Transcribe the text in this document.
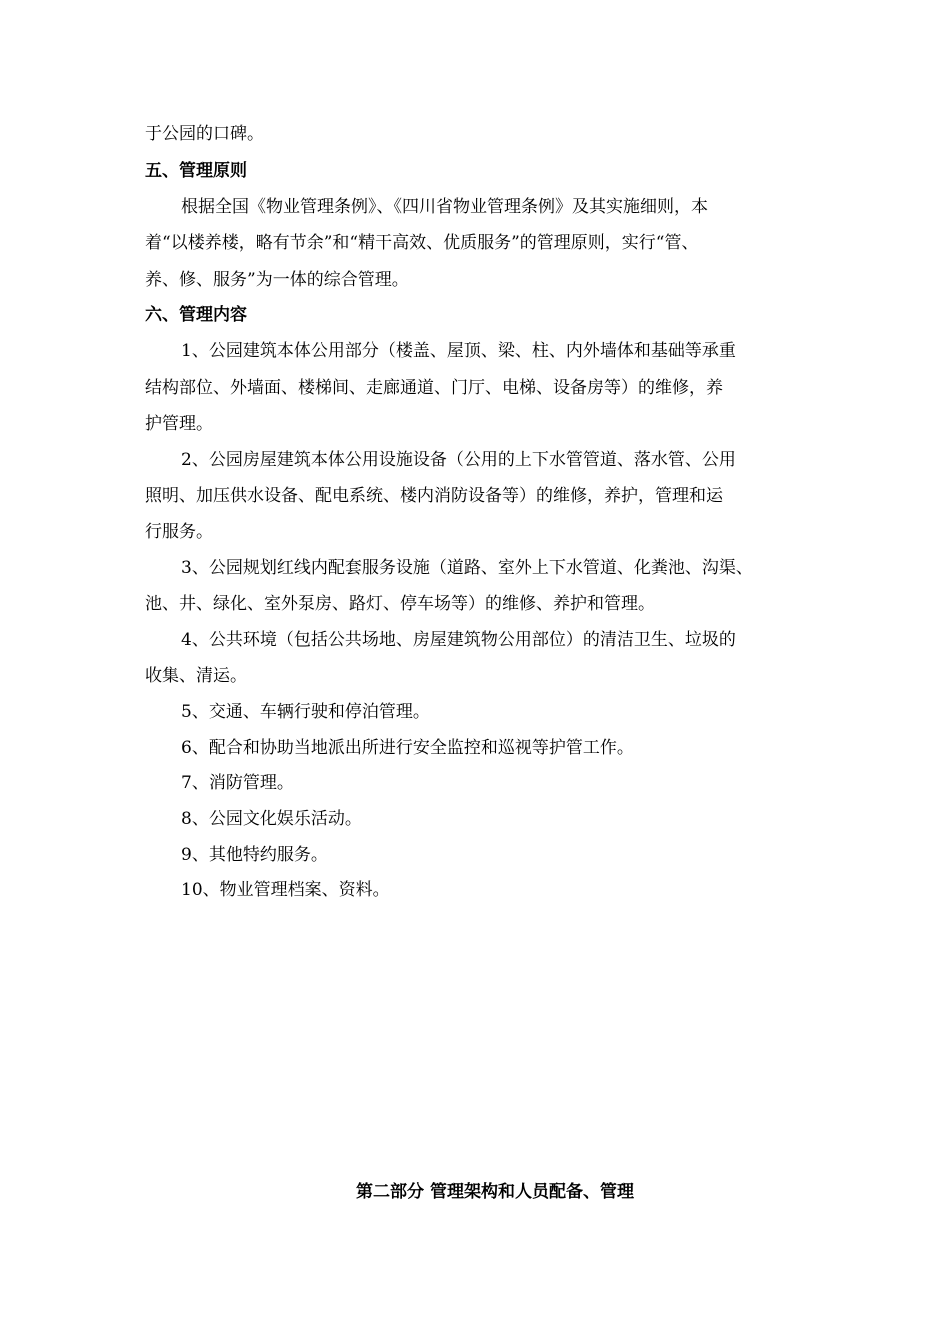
于公园的口碑。
五、管理原则
根据全国《物业管理条例》、《四川省物业管理条例》及其实施细则，本
着“以楼养楼，略有节余”和“精干高效、优质服务”的管理原则，实行“管、
养、修、服务”为一体的综合管理。
六、管理内容
1、公园建筑本体公用部分（楼盖、屋顶、梁、柱、内外墙体和基础等承重
结构部位、外墙面、楼梯间、走廊通道、门厅、电梯、设备房等）的维修，养
护管理。
2、公园房屋建筑本体公用设施设备（公用的上下水管管道、落水管、公用
照明、加压供水设备、配电系统、楼内消防设备等）的维修，养护，管理和运
行服务。
3、公园规划红线内配套服务设施（道路、室外上下水管道、化粪池、沟渠、
池、井、绿化、室外泵房、路灯、停车场等）的维修、养护和管理。
4、公共环境（包括公共场地、房屋建筑物公用部位）的清洁卫生、垃圾的
收集、清运。
5、交通、车辆行驶和停泊管理。
6、配合和协助当地派出所进行安全监控和巡视等护管工作。
7、消防管理。
8、公园文化娱乐活动。
9、其他特约服务。
10、物业管理档案、资料。
第二部分 管理架构和人员配备、管理
